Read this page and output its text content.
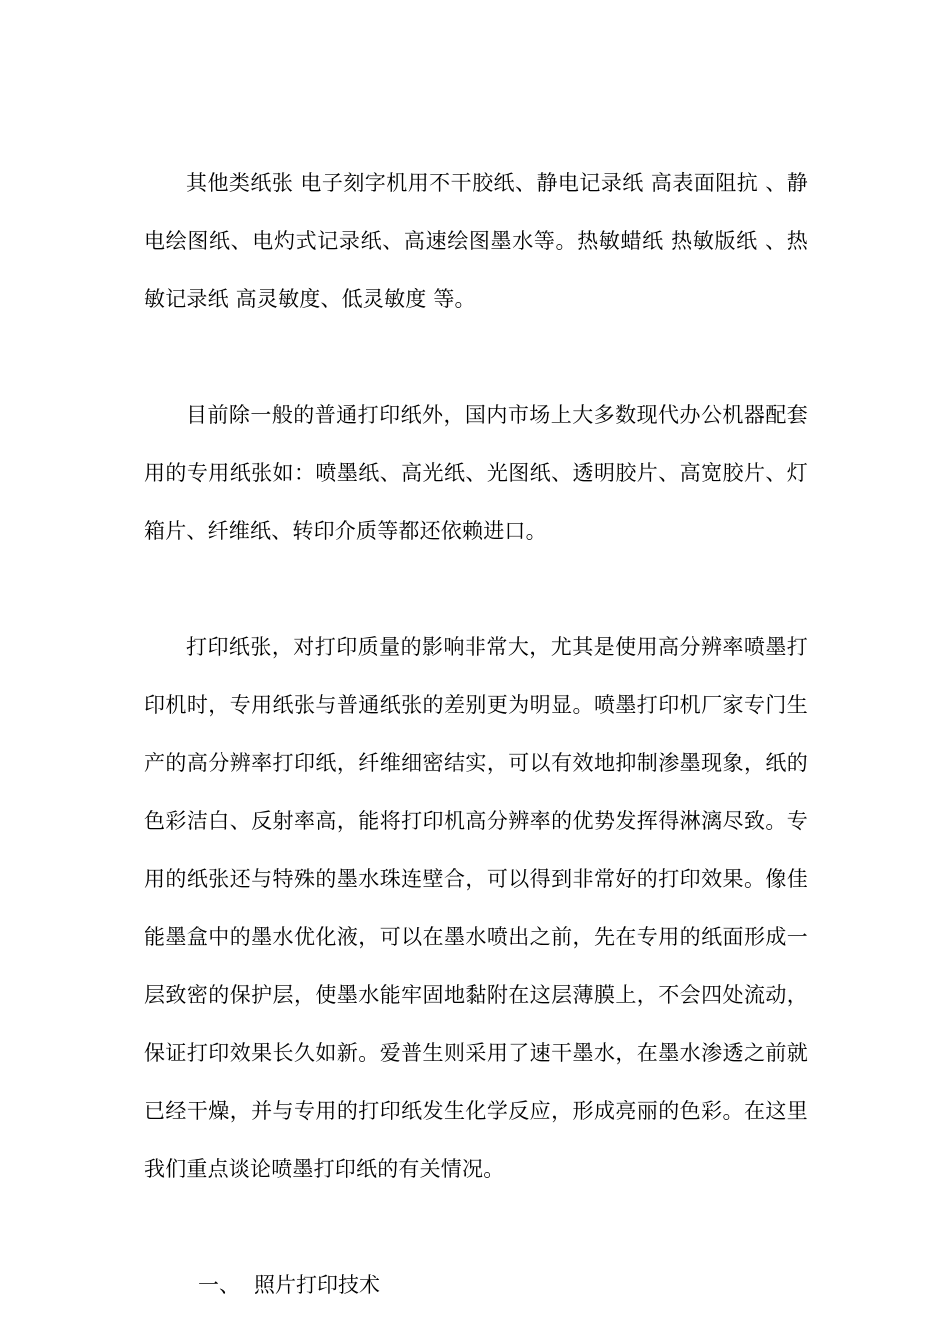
其他类纸张 电子刻字机用不干胶纸、静电记录纸 高表面阻抗 、静电绘图纸、电灼式记录纸、高速绘图墨水等。热敏蜡纸 热敏版纸 、热敏记录纸 高灵敏度、低灵敏度 等。

目前除一般的普通打印纸外，国内市场上大多数现代办公机器配套用的专用纸张如：喷墨纸、高光纸、光图纸、透明胶片、高宽胶片、灯箱片、纤维纸、转印介质等都还依赖进口。

打印纸张，对打印质量的影响非常大，尤其是使用高分辨率喷墨打印机时，专用纸张与普通纸张的差别更为明显。喷墨打印机厂家专门生产的高分辨率打印纸，纤维细密结实，可以有效地抑制渗墨现象，纸的色彩洁白、反射率高，能将打印机高分辨率的优势发挥得淋漓尽致。专用的纸张还与特殊的墨水珠连壁合，可以得到非常好的打印效果。像佳能墨盒中的墨水优化液，可以在墨水喷出之前，先在专用的纸面形成一层致密的保护层，使墨水能牢固地黏附在这层薄膜上，不会四处流动，保证打印效果长久如新。爱普生则采用了速干墨水，在墨水渗透之前就已经干燥，并与专用的打印纸发生化学反应，形成亮丽的色彩。在这里我们重点谈论喷墨打印纸的有关情况。

一、 照片打印技术
